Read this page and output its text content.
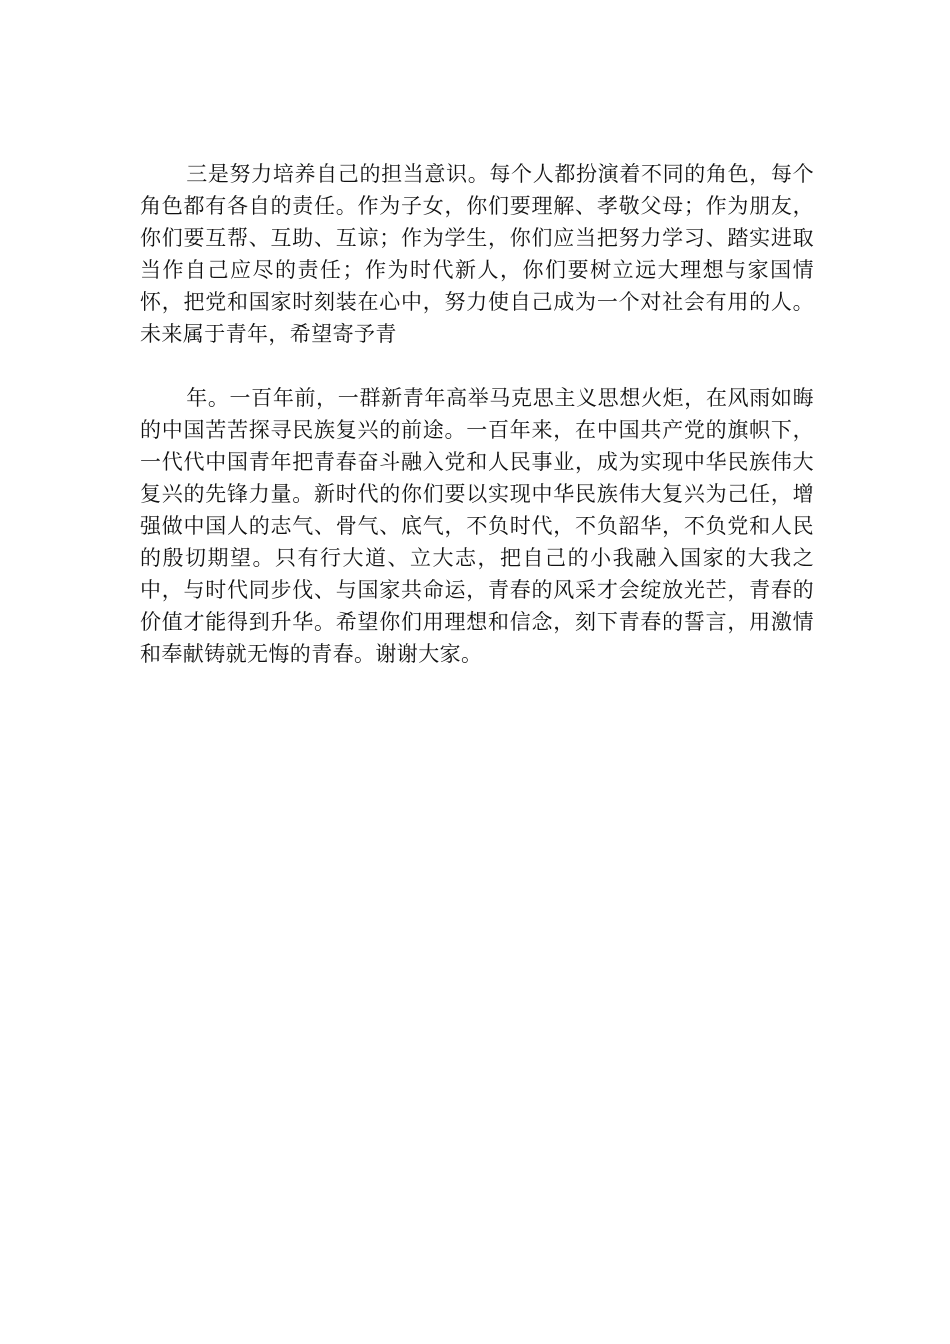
三是努力培养自己的担当意识。每个人都扮演着不同的角色，每个角色都有各自的责任。作为子女，你们要理解、孝敬父母；作为朋友，你们要互帮、互助、互谅；作为学生，你们应当把努力学习、踏实进取当作自己应尽的责任；作为时代新人，你们要树立远大理想与家国情怀，把党和国家时刻装在心中，努力使自己成为一个对社会有用的人。未来属于青年，希望寄予青

年。一百年前，一群新青年高举马克思主义思想火炬，在风雨如晦的中国苦苦探寻民族复兴的前途。一百年来，在中国共产党的旗帜下，一代代中国青年把青春奋斗融入党和人民事业，成为实现中华民族伟大复兴的先锋力量。新时代的你们要以实现中华民族伟大复兴为己任，增强做中国人的志气、骨气、底气，不负时代，不负韶华，不负党和人民的殷切期望。只有行大道、立大志，把自己的小我融入国家的大我之中，与时代同步伐、与国家共命运，青春的风采才会绽放光芒，青春的价值才能得到升华。希望你们用理想和信念，刻下青春的誓言，用激情和奉献铸就无悔的青春。谢谢大家。
